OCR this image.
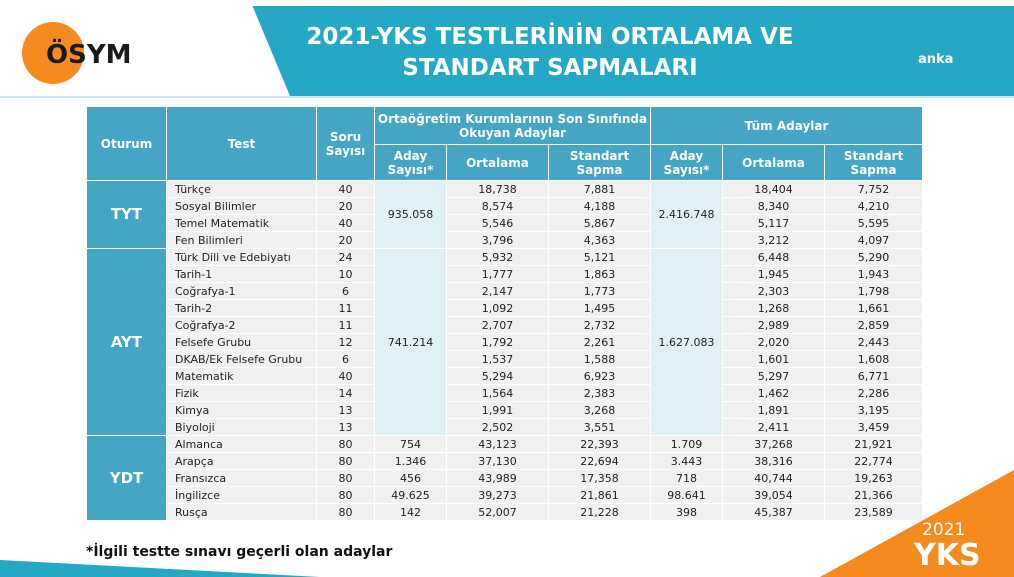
ÖSYM
2021-YKS TESTLERİNİN ORTALAMA VE
STANDART SAPMALARI	anka
Oturum	Test	Soru Sayısı	Ortaöğretim Kurumlarının Son Sınıfında Okuyan Adaylar			Tüm Adaylar		
			Aday Sayısı*	Ortalama	Standart Sapma	Aday Sayısı*	Ortalama	Standart Sapma
TYT	Türkçe	40	935.058	18,738	7,881	2.416.748	18,404	7,752
	Sosyal Bilimler	20		8,574	4,188		8,340	4,210
	Temel Matematik	40		5,546	5,867		5,117	5,595
	Fen Bilimleri	20		3,796	4,363		3,212	4,097
AYT	Türk Dili ve Edebiyatı	24	741.214	5,932	5,121	1.627.083	6,448	5,290
	Tarih-1	10		1,777	1,863		1,945	1,943
	Coğrafya-1	6		2,147	1,773		2,303	1,798
	Tarih-2	11		1,092	1,495		1,268	1,661
	Coğrafya-2	11		2,707	2,732		2,989	2,859
	Felsefe Grubu	12		1,792	2,261		2,020	2,443
	DKAB/Ek Felsefe Grubu	6		1,537	1,588		1,601	1,608
	Matematik	40		5,294	6,923		5,297	6,771
	Fizik	14		1,564	2,383		1,462	2,286
	Kimya	13		1,991	3,268		1,891	3,195
	Biyoloji	13		2,502	3,551		2,411	3,459
YDT	Almanca	80	754	43,123	22,393	1.709	37,268	21,921
	Arapça	80	1.346	37,130	22,694	3.443	38,316	22,774
	Fransızca	80	456	43,989	17,358	718	40,744	19,263
	İngilizce	80	49.625	39,273	21,861	98.641	39,054	21,366
	Rusça	80	142	52,007	21,228	398	45,387	23,589
*İlgili testte sınavı geçerli olan adaylar
2021
YKS
